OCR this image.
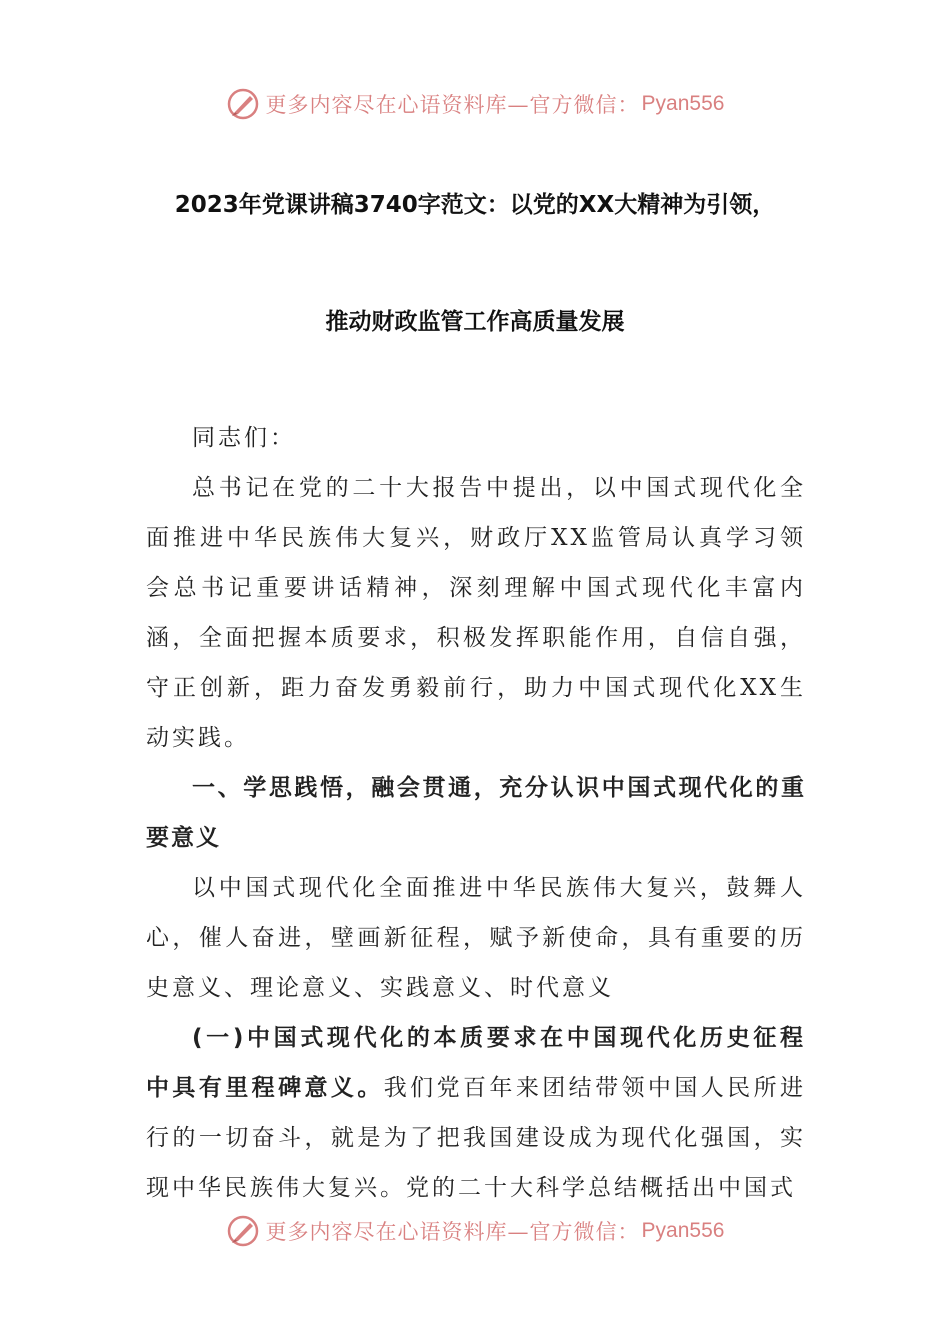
更多内容尽在心语资料库—官方微信： Pyan556
2023年党课讲稿3740字范文：以党的XX大精神为引领，
推动财政监管工作高质量发展

同志们：

总书记在党的二十大报告中提出，以中国式现代化全面推进中华民族伟大复兴，财政厅XX监管局认真学习领会总书记重要讲话精神，深刻理解中国式现代化丰富内涵，全面把握本质要求，积极发挥职能作用，自信自强，守正创新，距力奋发勇毅前行，助力中国式现代化XX生动实践。

一、学思践悟，融会贯通，充分认识中国式现代化的重要意义

以中国式现代化全面推进中华民族伟大复兴，鼓舞人心，催人奋进，壁画新征程，赋予新使命，具有重要的历史意义、理论意义、实践意义、时代意义

(一)中国式现代化的本质要求在中国现代化历史征程中具有里程碑意义。我们党百年来团结带领中国人民所进行的一切奋斗，就是为了把我国建设成为现代化强国，实现中华民族伟大复兴。党的二十大科学总结概括出中国式

更多内容尽在心语资料库—官方微信： Pyan556
